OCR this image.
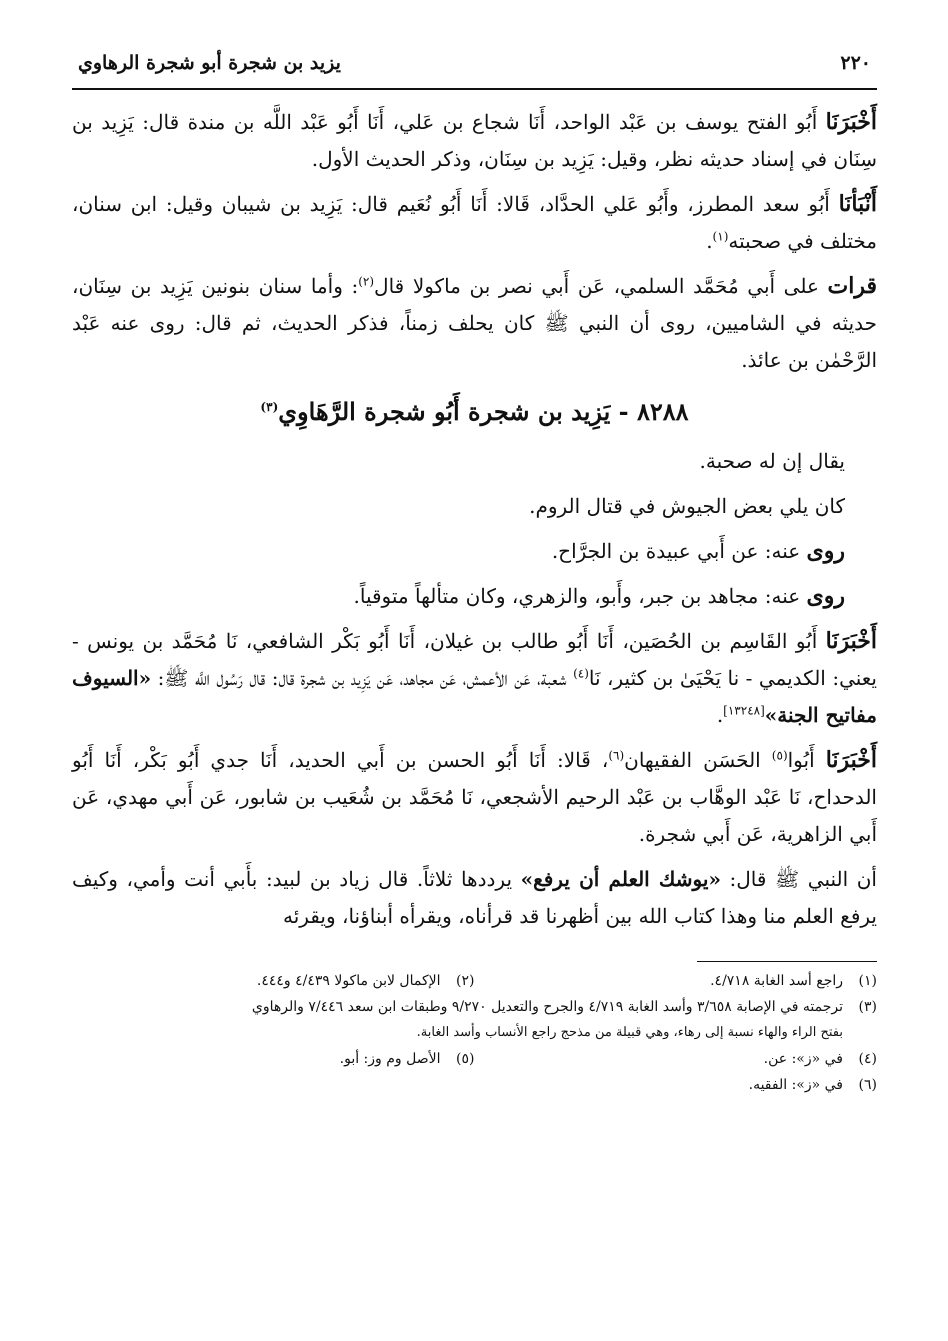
٢٢٠
يزيد بن شجرة أبو شجرة الرهاوي

أَخْبَرَنَا أَبُو الفتح يوسف بن عَبْد الواحد، أَنَا شجاع بن عَلي، أَنَا أَبُو عَبْد اللَّه بن مندة قال: يَزِيد بن سِنَان في إسناد حديثه نظر، وقيل: يَزِيد بن سِنَان، وذكر الحديث الأول.

أَنْبَأنَا أَبُو سعد المطرز، وأَبُو عَلي الحدَّاد، قَالا: أَنَا أَبُو نُعَيم قال: يَزِيد بن شيبان وقيل: ابن سنان، مختلف في صحبته$^{(١)}$.

قرات على أَبي مُحَمَّد السلمي، عَن أَبي نصر بن ماكولا قال$^{(٢)}$: وأما سنان بنونين يَزِيد بن سِنَان، حديثه في الشاميين، روى أن النبي ﷺ كان يحلف زمناً، فذكر الحديث، ثم قال: روى عنه عَبْد الرَّحْمٰن بن عائذ.

٨٢٨٨ - يَزِيد بن شجرة أَبُو شجرة الرَّهَاوِي$^{(٣)}$

يقال إن له صحبة.

كان يلي بعض الجيوش في قتال الروم.

روى عنه: عن أَبي عبيدة بن الجرَّاح.

روى عنه: مجاهد بن جبر، وأَبو، والزهري، وكان متألهاً متوقياً.

أَخْبَرَنَا أَبُو القَاسِم بن الحُصَين، أَنَا أَبُو طالب بن غيلان، أَنَا أَبُو بَكْر الشافعي، نَا مُحَمَّد بن يونس - يعني: الكديمي - نا يَحْيَىٰ بن كثير، نَا$^{(٤)}$ شعبة، عَن الأعمش، عَن مجاهد، عَن يَزِيد بن شجرة قال: قال رَسُول اللَّه ﷺ: «السيوف مفاتيح الجنة»[١٣٢٤٨].

أَخْبَرَنَا أَبُوا$^{(٥)}$ الحَسَن الفقيهان$^{(٦)}$، قَالا: أَنَا أَبُو الحسن بن أَبي الحديد، أَنَا جدي أَبُو بَكْر، أَنَا أَبُو الدحداح، نَا عَبْد الوهَّاب بن عَبْد الرحيم الأشجعي، نَا مُحَمَّد بن شُعَيب بن شابور، عَن أَبي مهدي، عَن أَبي الزاهرية، عَن أَبي شجرة.

أن النبي ﷺ قال: «يوشك العلم أن يرفع» يرددها ثلاثاً. قال زياد بن لبيد: بأَبي أنت وأمي، وكيف يرفع العلم منا وهذا كتاب الله بين أظهرنا قد قرأناه، ويقرأه أبناؤنا، ويقرئه

(١)
راجع أسد الغابة ٤/٧١٨.
(٢)
الإكمال لابن ماكولا ٤/٤٣٩ و٤٤٤.
(٣)
ترجمته في الإصابة ٣/٦٥٨ وأسد الغابة ٤/٧١٩ والجرح والتعديل ٩/٢٧٠ وطبقات ابن سعد ٧/٤٤٦ والرهاوي
بفتح الراء والهاء نسبة إلى رهاء، وهي قبيلة من مذحج راجع الأنساب وأسد الغابة.
(٤)
في «ز»: عن.
(٥)
الأصل وم وز: أبو.
(٦)
في «ز»: الفقيه.
